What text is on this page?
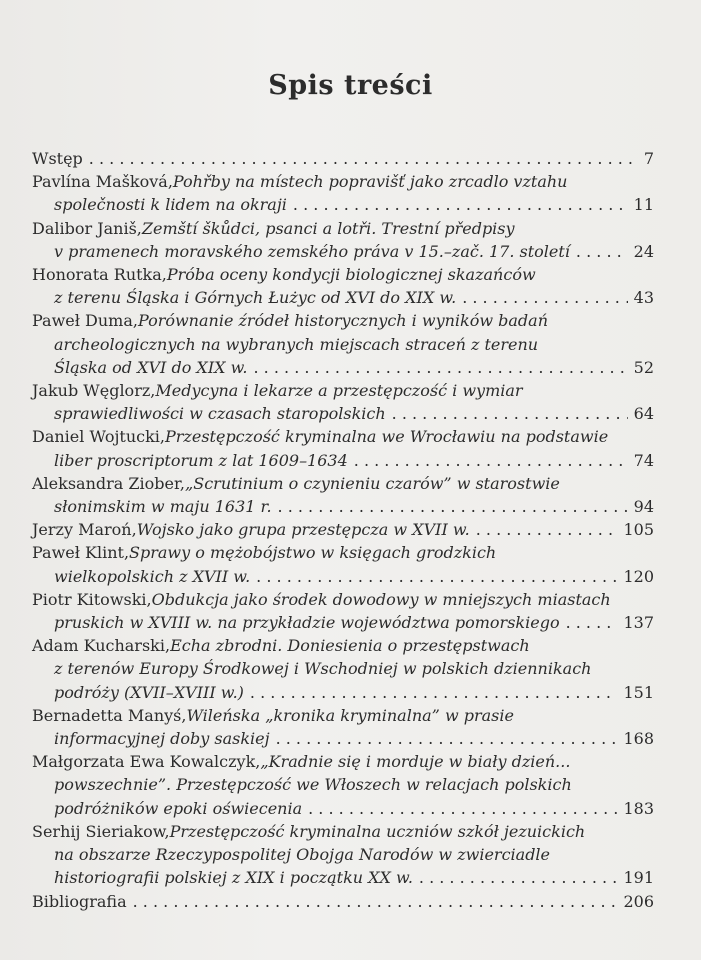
Spis treści
Wstęp . . .	7
Pavlína Mašková, Pohřby na místech popravišť jako zrcadlo vztahu
společnosti k lidem na okraji . . .	11
Dalibor Janiš, Zemští škůdci, psanci a lotři. Trestní předpisy
v pramenech moravského zemského práva v 15.–zač. 17. století . . .	24
Honorata Rutka, Próba oceny kondycji biologicznej skazańców
z terenu Śląska i Górnych Łużyc od XVI do XIX w. . . .	43
Paweł Duma, Porównanie źródeł historycznych i wyników badań
archeologicznych na wybranych miejscach straceń z terenu
Śląska od XVI do XIX w. . . .	52
Jakub Węglorz, Medycyna i lekarze a przestępczość i wymiar
sprawiedliwości w czasach staropolskich . . .	64
Daniel Wojtucki, Przestępczość kryminalna we Wrocławiu na podstawie
liber proscriptorum z lat 1609–1634 . . .	74
Aleksandra Ziober, „Scrutinium o czynieniu czarów” w starostwie
słonimskim w maju 1631 r. . . .	94
Jerzy Maroń, Wojsko jako grupa przestępcza w XVII w. . . .	105
Paweł Klint, Sprawy o mężobójstwo w księgach grodzkich
wielkopolskich z XVII w. . . .	120
Piotr Kitowski, Obdukcja jako środek dowodowy w mniejszych miastach
pruskich w XVIII w. na przykładzie województwa pomorskiego . . .	137
Adam Kucharski, Echa zbrodni. Doniesienia o przestępstwach
z terenów Europy Środkowej i Wschodniej w polskich dziennikach
podróży (XVII–XVIII w.) . . .	151
Bernadetta Manyś, Wileńska „kronika kryminalna” w prasie
informacyjnej doby saskiej . . .	168
Małgorzata Ewa Kowalczyk, „Kradnie się i morduje w biały dzień...
powszechnie”. Przestępczość we Włoszech w relacjach polskich
podróżników epoki oświecenia . . .	183
Serhij Sieriakow, Przestępczość kryminalna uczniów szkół jezuickich
na obszarze Rzeczypospolitej Obojga Narodów w zwierciadle
historiografii polskiej z XIX i początku XX w. . . .	191
Bibliografia . . .	206
